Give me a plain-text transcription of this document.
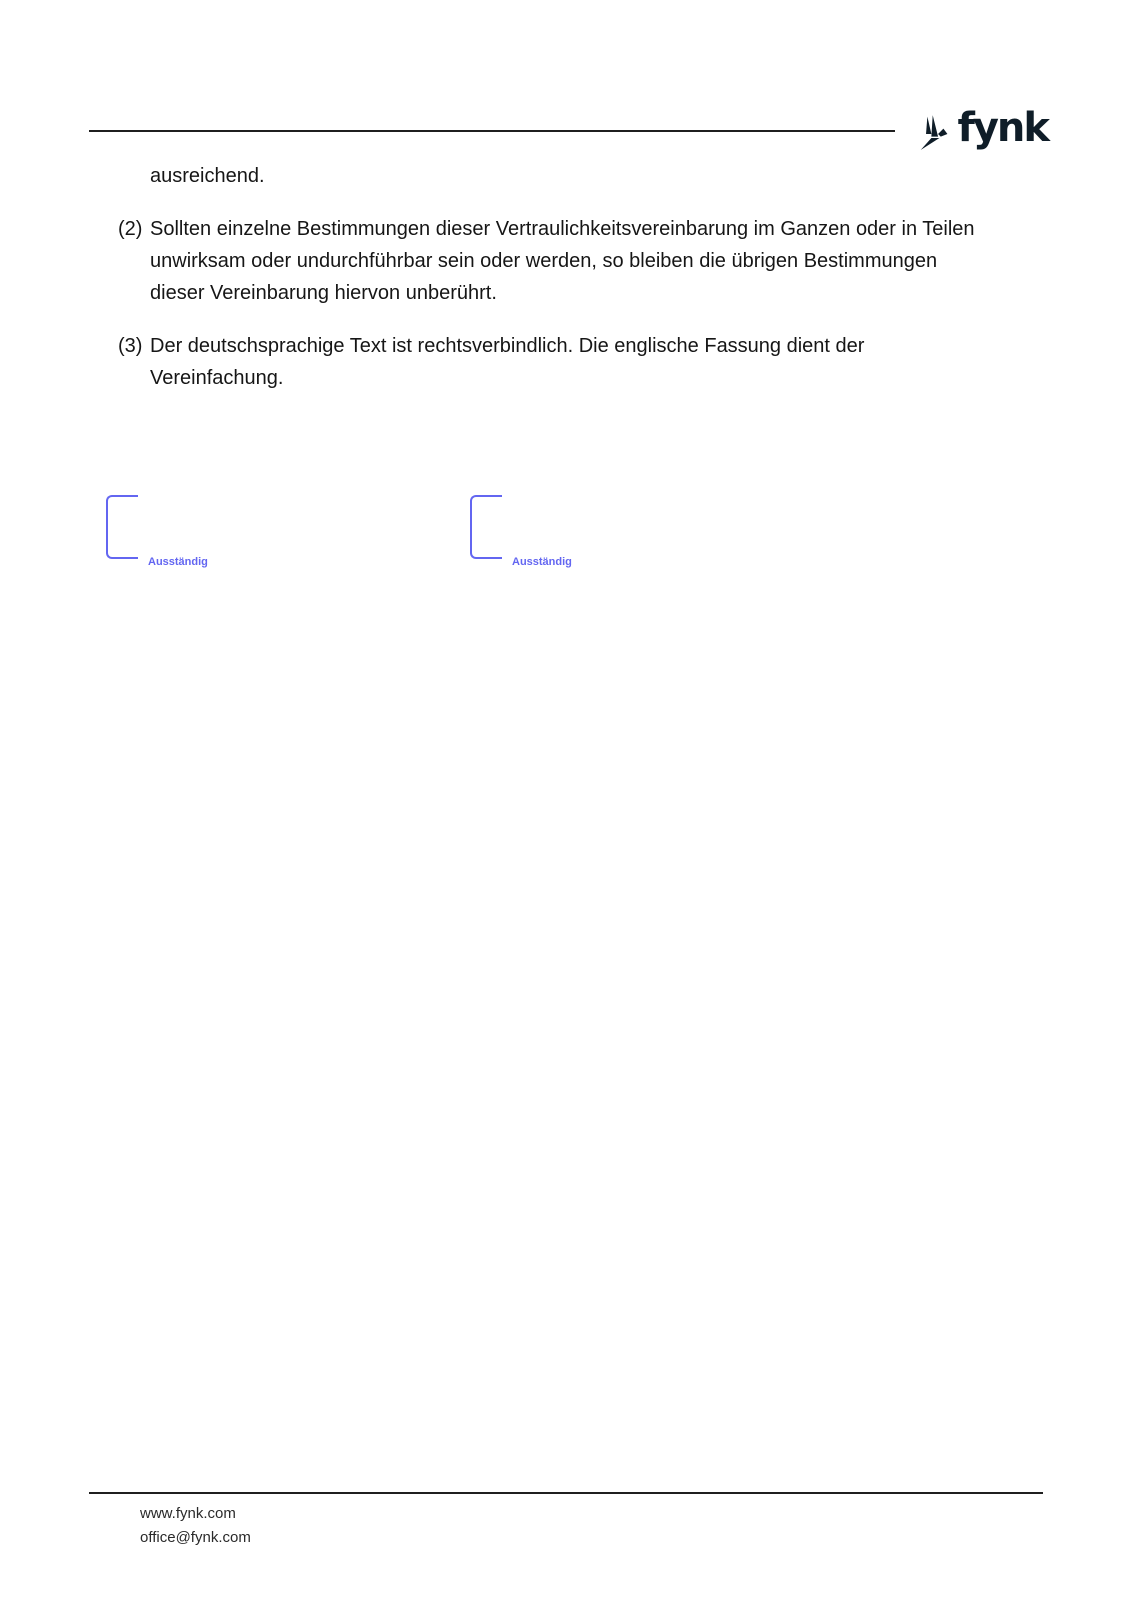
fynk
ausreichend.
(2) Sollten einzelne Bestimmungen dieser Vertraulichkeitsvereinbarung im Ganzen oder in Teilen
unwirksam oder undurchführbar sein oder werden, so bleiben die übrigen Bestimmungen
dieser Vereinbarung hiervon unberührt.
(3) Der deutschsprachige Text ist rechtsverbindlich. Die englische Fassung dient der
Vereinfachung.
Ausständig	Ausständig
www.fynk.com
office@fynk.com
